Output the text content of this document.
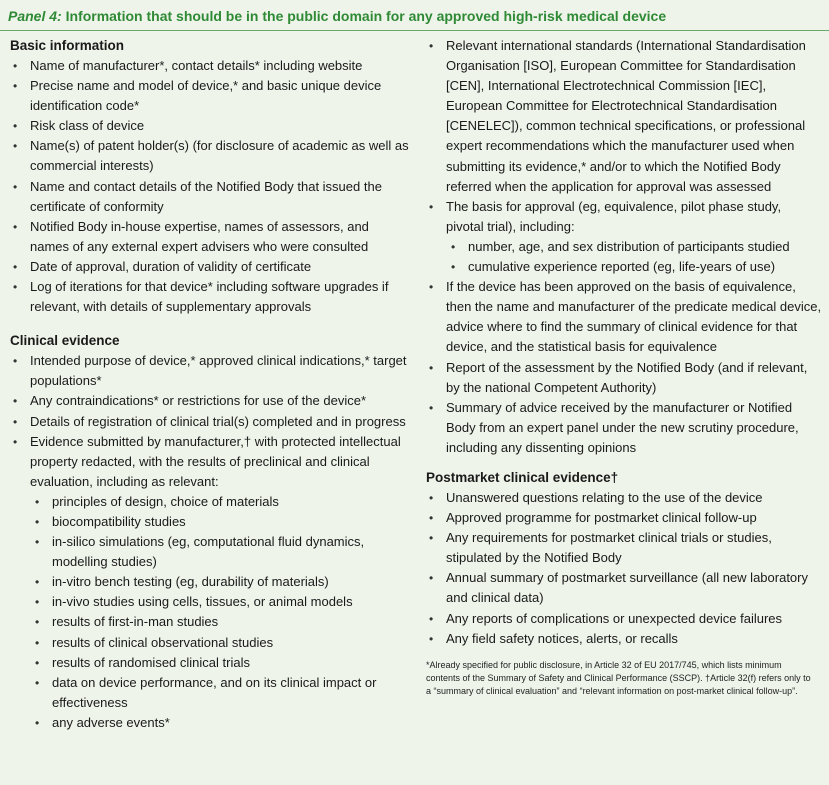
Panel 4: Information that should be in the public domain for any approved high-risk medical device
Basic information
• Name of manufacturer*, contact details* including website
• Precise name and model of device,* and basic unique device identification code*
• Risk class of device
• Name(s) of patent holder(s) (for disclosure of academic as well as commercial interests)
• Name and contact details of the Notified Body that issued the certificate of conformity
• Notified Body in-house expertise, names of assessors, and names of any external expert advisers who were consulted
• Date of approval, duration of validity of certificate
• Log of iterations for that device* including software upgrades if relevant, with details of supplementary approvals
Clinical evidence
• Intended purpose of device,* approved clinical indications,* target populations*
• Any contraindications* or restrictions for use of the device*
• Details of registration of clinical trial(s) completed and in progress
• Evidence submitted by manufacturer,† with protected intellectual property redacted, with the results of preclinical and clinical evaluation, including as relevant:
• principles of design, choice of materials
• biocompatibility studies
• in-silico simulations (eg, computational fluid dynamics, modelling studies)
• in-vitro bench testing (eg, durability of materials)
• in-vivo studies using cells, tissues, or animal models
• results of first-in-man studies
• results of clinical observational studies
• results of randomised clinical trials
• data on device performance, and on its clinical impact or effectiveness
• any adverse events*
• Relevant international standards (International Standardisation Organisation [ISO], European Committee for Standardisation [CEN], International Electrotechnical Commission [IEC], European Committee for Electrotechnical Standardisation [CENELEC]), common technical specifications, or professional expert recommendations which the manufacturer used when submitting its evidence,* and/or to which the Notified Body referred when the application for approval was assessed
• The basis for approval (eg, equivalence, pilot phase study, pivotal trial), including:
• number, age, and sex distribution of participants studied
• cumulative experience reported (eg, life-years of use)
• If the device has been approved on the basis of equivalence, then the name and manufacturer of the predicate medical device, advice where to find the summary of clinical evidence for that device, and the statistical basis for equivalence
• Report of the assessment by the Notified Body (and if relevant, by the national Competent Authority)
• Summary of advice received by the manufacturer or Notified Body from an expert panel under the new scrutiny procedure, including any dissenting opinions
Postmarket clinical evidence†
• Unanswered questions relating to the use of the device
• Approved programme for postmarket clinical follow-up
• Any requirements for postmarket clinical trials or studies, stipulated by the Notified Body
• Annual summary of postmarket surveillance (all new laboratory and clinical data)
• Any reports of complications or unexpected device failures
• Any field safety notices, alerts, or recalls
*Already specified for public disclosure, in Article 32 of EU 2017/745, which lists minimum contents of the Summary of Safety and Clinical Performance (SSCP). †Article 32(f) refers only to a “summary of clinical evaluation” and “relevant information on post-market clinical follow-up”.
